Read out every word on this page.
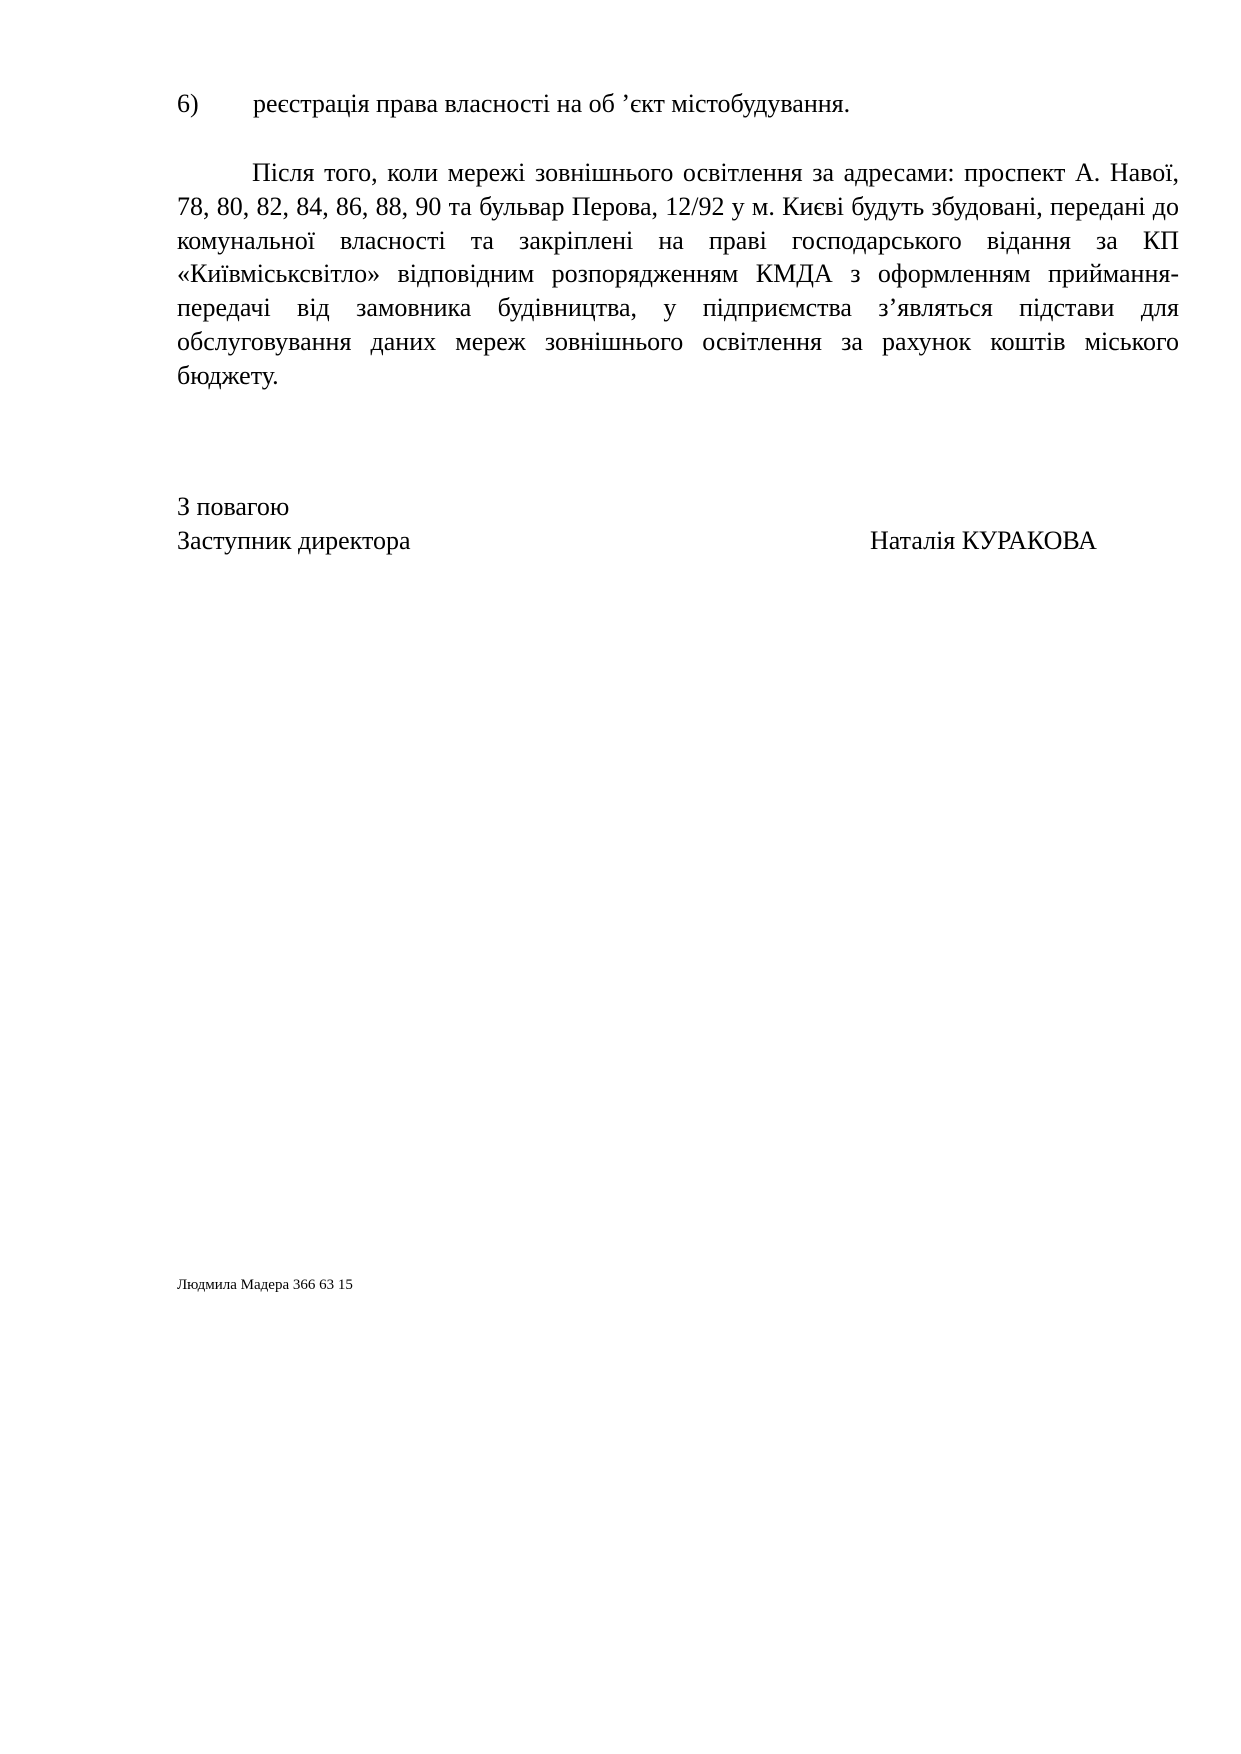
6) реєстрація права власності на об ’єкт містобудування.

Після того, коли мережі зовнішнього освітлення за адресами: проспект А. Навої, 78, 80, 82, 84, 86, 88, 90 та бульвар Перова, 12/92 у м. Києві будуть збудовані, передані до комунальної власності та закріплені на праві господарського відання за КП «Київміськсвітло» відповідним розпорядженням КМДА з оформленням приймання-передачі від замовника будівництва, у підприємства з’являться підстави для обслуговування даних мереж зовнішнього освітлення за рахунок коштів міського бюджету.

З повагою
Заступник директора	Наталія КУРАКОВА
Людмила Мадера 366 63 15
